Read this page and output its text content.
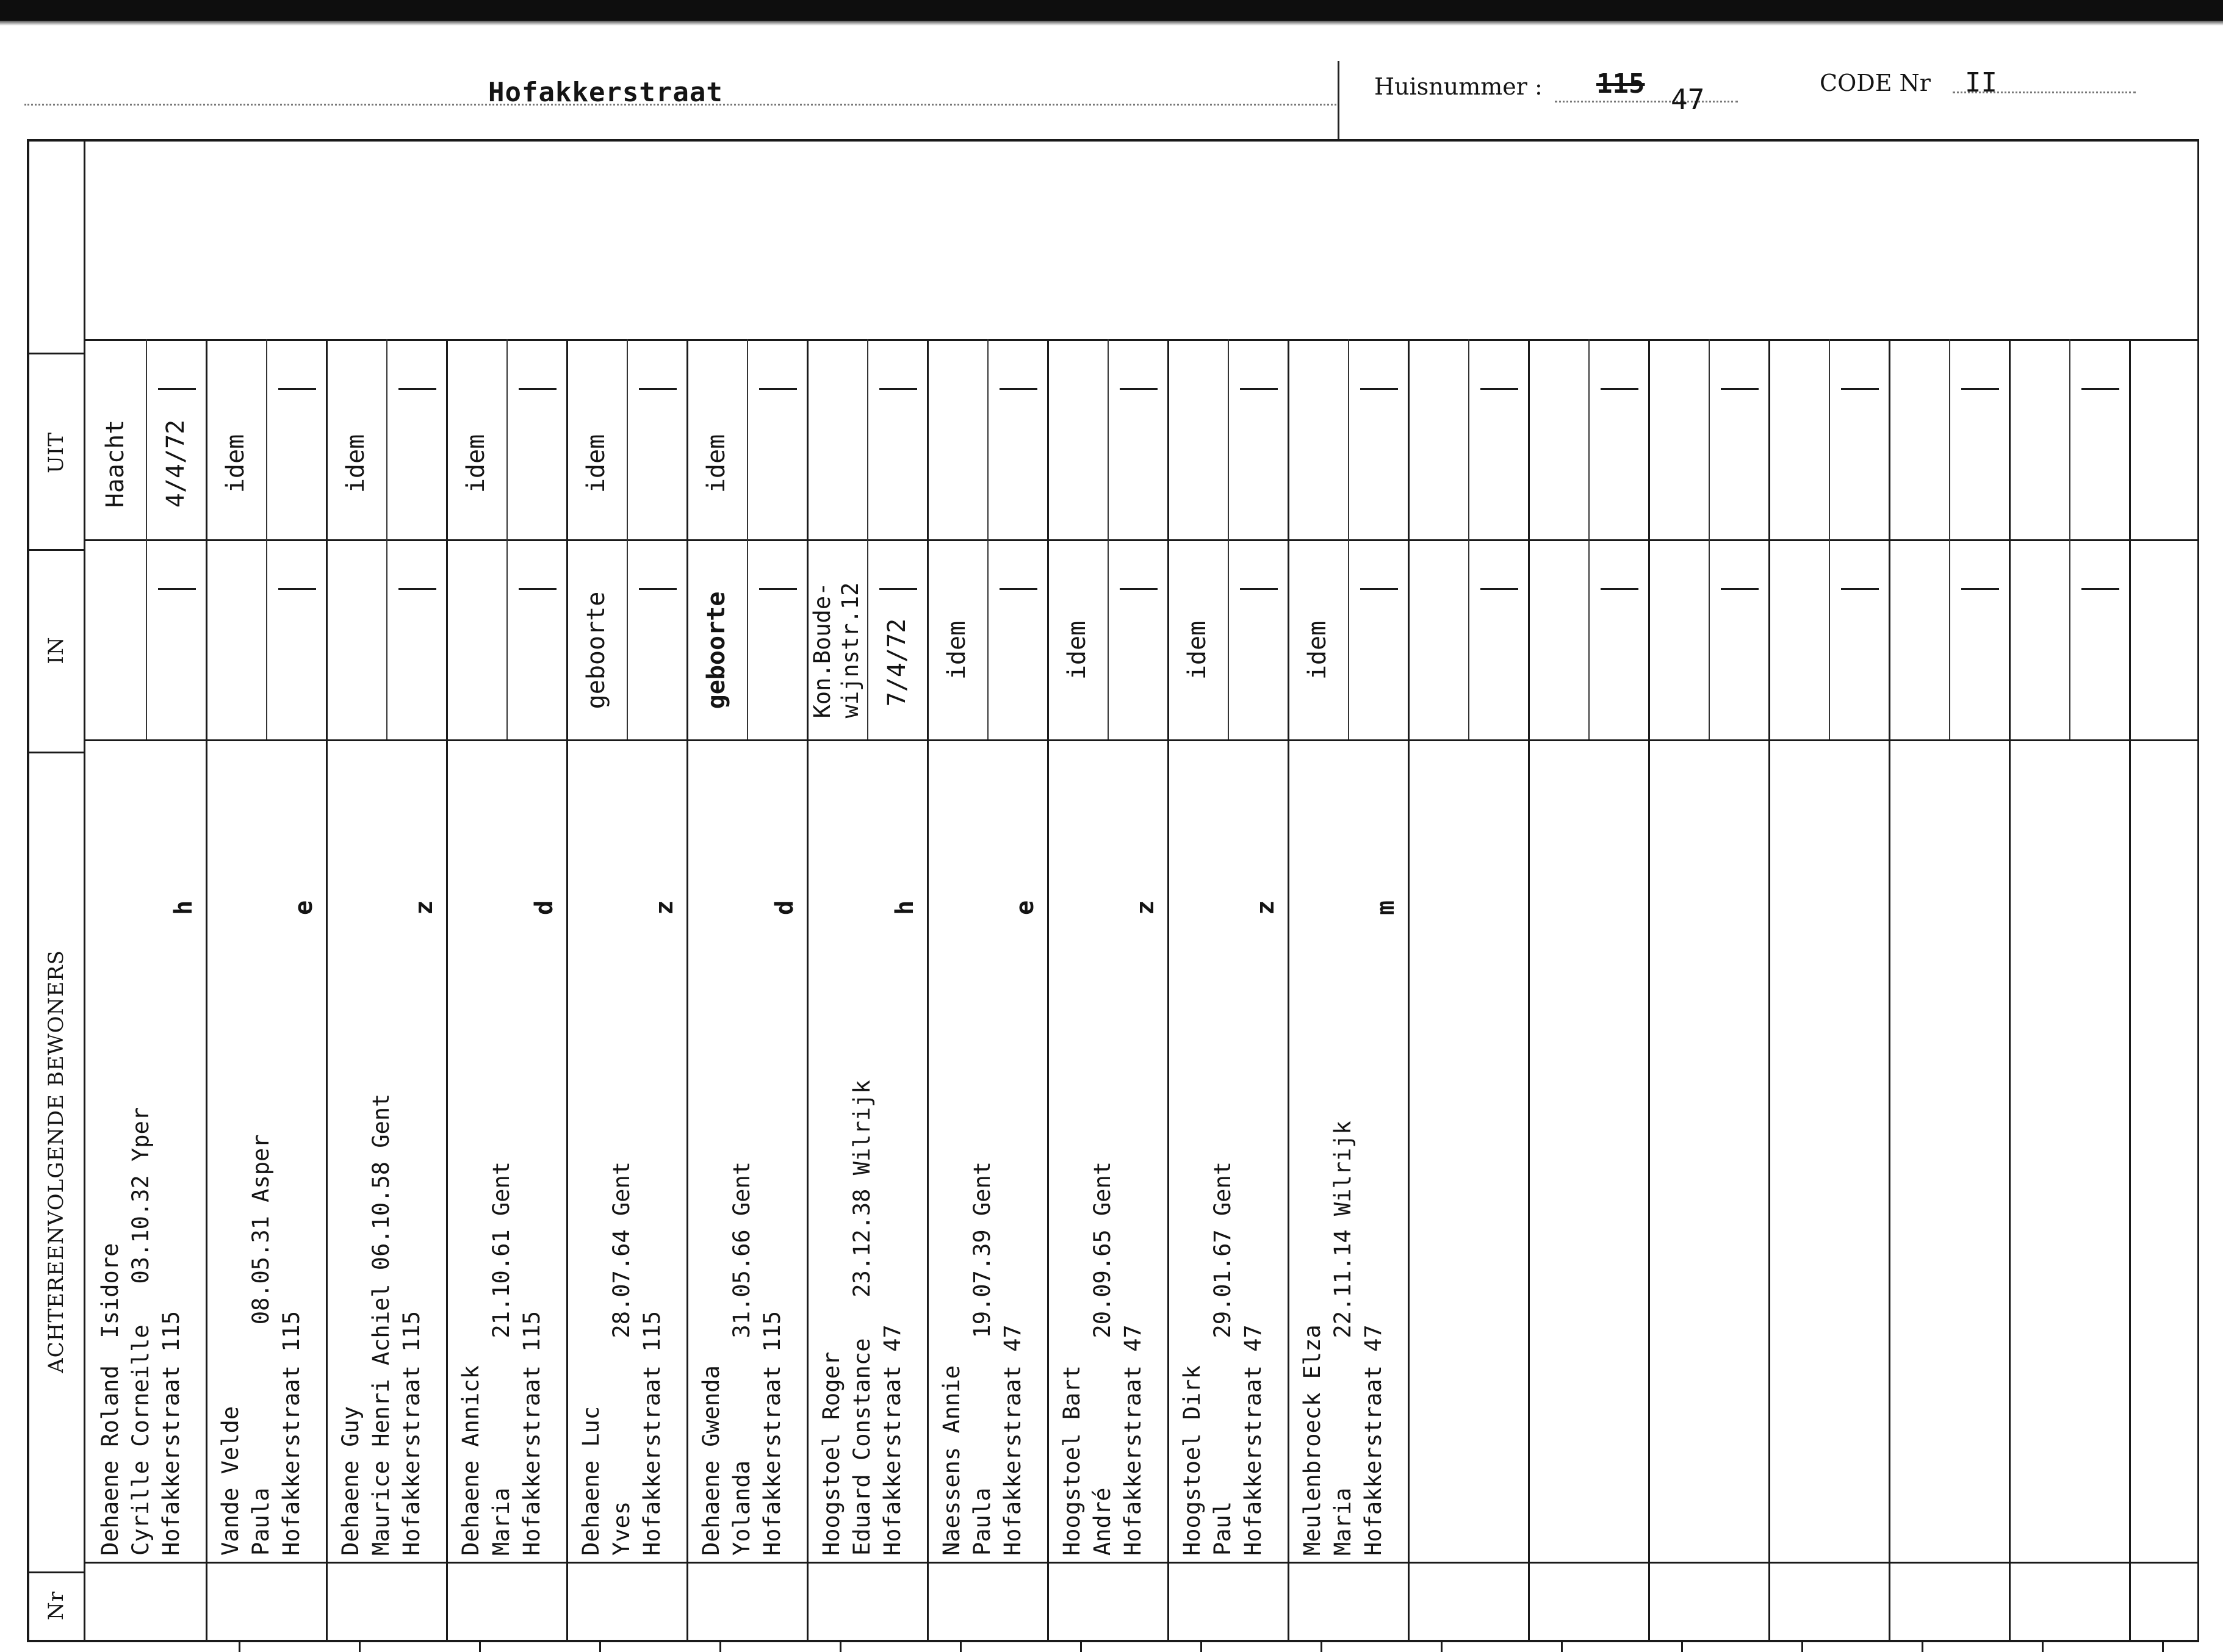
Hofakkerstraat	Huisnummer : 115 47	CODE Nr II
UIT
IN
ACHTEREENVOLGENDE BEWONERS
Nr
Dehaene Roland  Isidore Cyrille Corneille   03.10.32 Yper Hofakkerstraat 115
h
Haacht 4/4/72
Vande Velde Paula            08.05.31 Asper Hofakkerstraat 115
e
idem
Dehaene Guy Maurice Henri Achiel 06.10.58 Gent Hofakkerstraat 115
z
idem
Dehaene Annick Maria           21.10.61 Gent Hofakkerstraat 115
d
idem
Dehaene Luc Yves            28.07.64 Gent Hofakkerstraat 115
z
idem
geboorte
Dehaene Gwenda Yolanda         31.05.66 Gent Hofakkerstraat 115
d
idem
geboorte
Hoogstoel Roger Eduard Constance   23.12.38 Wilrijk Hofakkerstraat 47
h
Kon.Boude-
wijnstr.12 7/4/72
Naessens Annie Paula           19.07.39 Gent Hofakkerstraat 47
e
idem
Hoogstoel Bart André           20.09.65 Gent Hofakkerstraat 47
z
idem
Hoogstoel Dirk Paul            29.01.67 Gent Hofakkerstraat 47
z
idem
Meulenbroeck Elza Maria           22.11.14 Wilrijk Hofakkerstraat 47
m
idem
